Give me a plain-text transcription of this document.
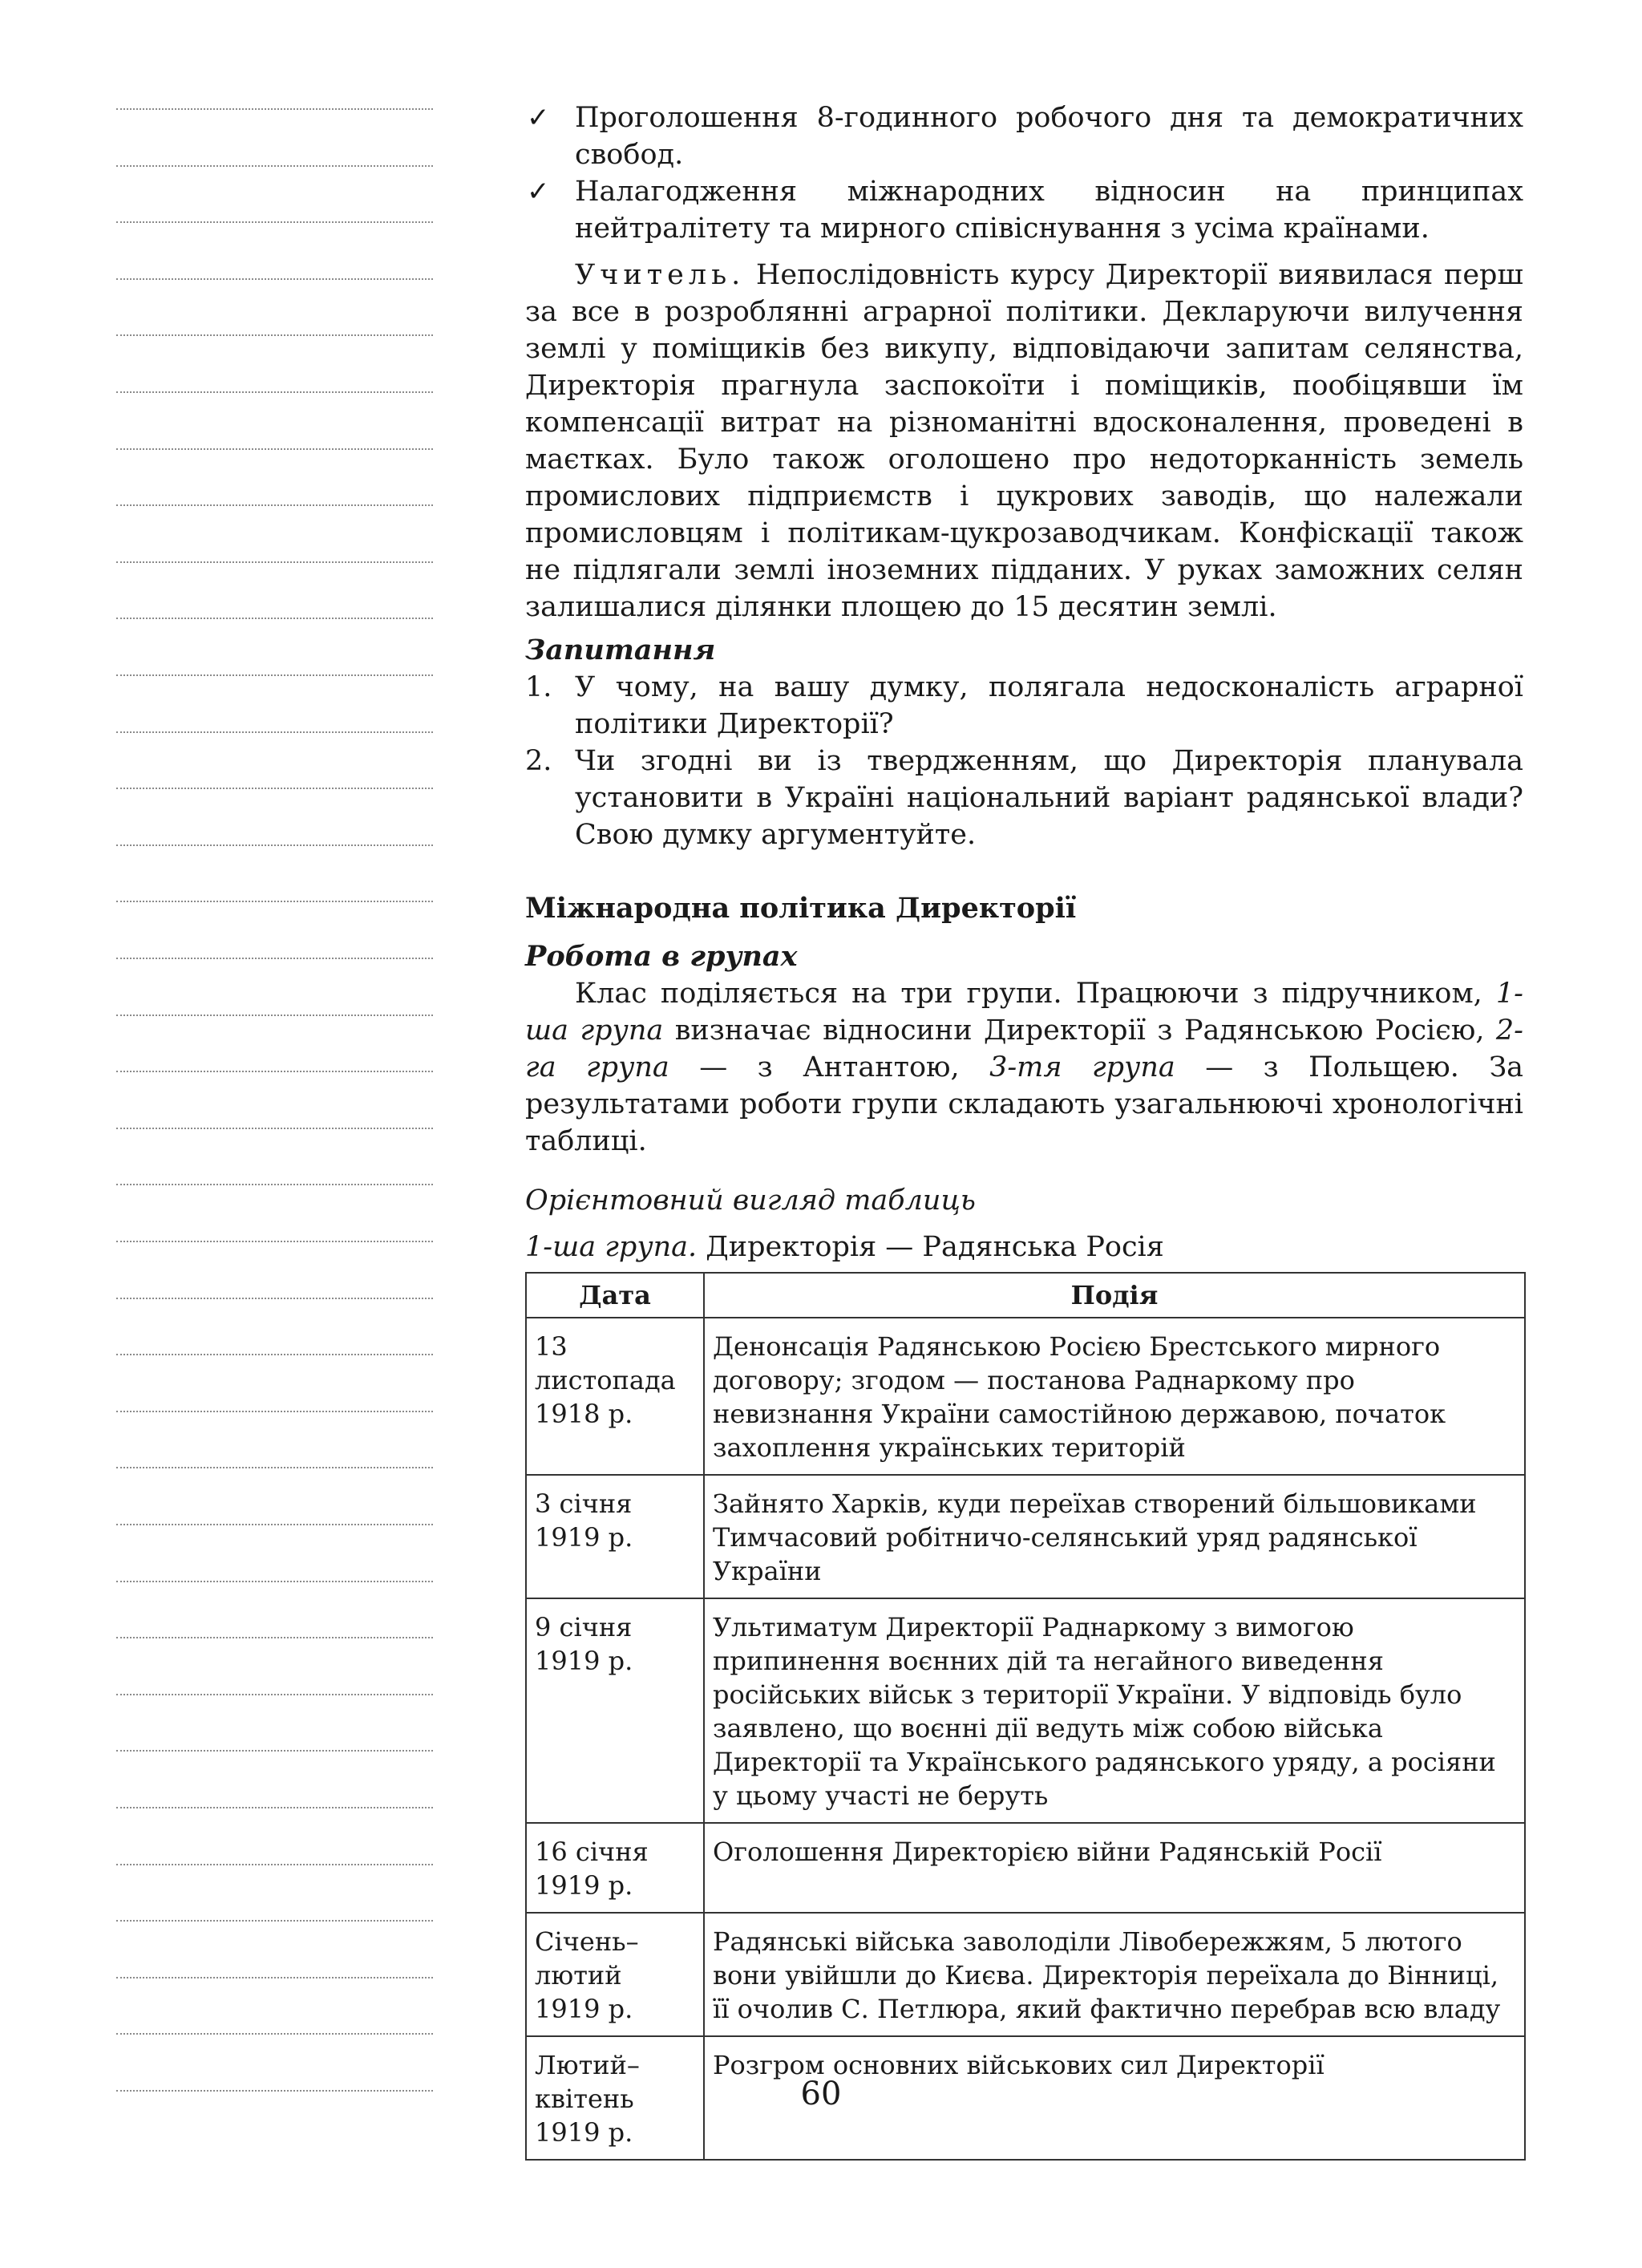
✓ Проголошення 8-годинного робочого дня та демократичних свобод.

✓ Налагодження міжнародних відносин на принципах нейтралітету та мирного співіснування з усіма країнами.

Учитель. Непослідовність курсу Директорії виявилася перш за все в розроблянні аграрної політики. Декларуючи вилучення землі у поміщиків без викупу, відповідаючи запитам селянства, Директорія прагнула заспокоїти і поміщиків, пообіцявши їм компенсації витрат на різноманітні вдосконалення, проведені в маєтках. Було також оголошено про недоторканність земель промислових підприємств і цукрових заводів, що належали промисловцям і політикам-цукрозаводчикам. Конфіскації також не підлягали землі іноземних підданих. У руках заможних селян залишалися ділянки площею до 15 десятин землі.

Запитання

1. У чому, на вашу думку, полягала недосконалість аграрної політики Директорії?

2. Чи згодні ви із твердженням, що Директорія планувала установити в Україні національний варіант радянської влади? Свою думку аргументуйте.

Міжнародна політика Директорії

Робота в групах

Клас поділяється на три групи. Працюючи з підручником, 1-ша група визначає відносини Директорії з Радянською Росією, 2-га група — з Антантою, 3-тя група — з Польщею. За результатами роботи групи складають узагальнюючі хронологічні таблиці.

Орієнтовний вигляд таблиць

1-ша група. Директорія — Радянська Росія

Дата	Подія
13 листопада 1918 р.	Денонсація Радянською Росією Брестського мирного договору; згодом — постанова Раднаркому про невизнання України самостійною державою, початок захоплення українських територій
3 січня 1919 р.	Зайнято Харків, куди переїхав створений більшовиками Тимчасовий робітничо-селянський уряд радянської України
9 січня 1919 р.	Ультиматум Директорії Раднаркому з вимогою припинення воєнних дій та негайного виведення російських військ з території України. У відповідь було заявлено, що воєнні дії ведуть між собою війська Директорії та Українського радянського уряду, а росіяни у цьому участі не беруть
16 січня 1919 р.	Оголошення Директорією війни Радянській Росії
Січень–лютий 1919 р.	Радянські війська заволоділи Лівобережжям, 5 лютого вони увійшли до Києва. Директорія переїхала до Вінниці, її очолив С. Петлюра, який фактично перебрав всю владу
Лютий–квітень 1919 р.	Розгром основних військових сил Директорії
60
